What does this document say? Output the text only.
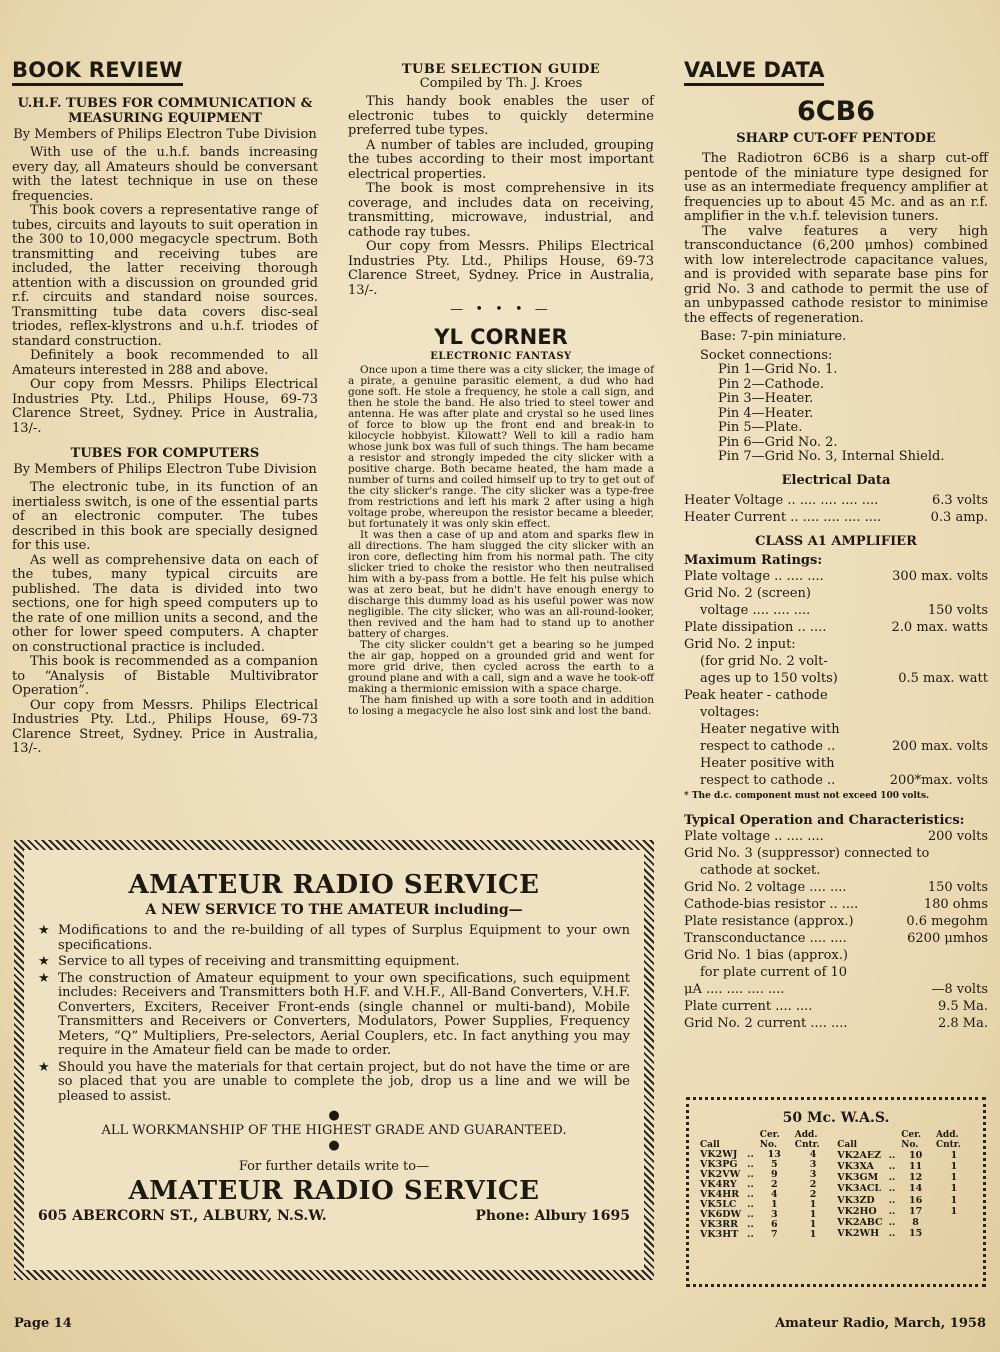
BOOK REVIEW
U.H.F. TUBES FOR COMMUNICATION & MEASURING EQUIPMENT
By Members of Philips Electron Tube Division

With use of the u.h.f. bands increasing every day, all Amateurs should be conversant with the latest technique in use on these frequencies.

This book covers a representative range of tubes, circuits and layouts to suit operation in the 300 to 10,000 megacycle spectrum. Both transmitting and receiving tubes are included, the latter receiving thorough attention with a discussion on grounded grid r.f. circuits and standard noise sources. Transmitting tube data covers disc-seal triodes, reflex-klystrons and u.h.f. triodes of standard construction.

Definitely a book recommended to all Amateurs interested in 288 and above.

Our copy from Messrs. Philips Electrical Industries Pty. Ltd., Philips House, 69-73 Clarence Street, Sydney. Price in Australia, 13/-.

TUBES FOR COMPUTERS
By Members of Philips Electron Tube Division

The electronic tube, in its function of an inertialess switch, is one of the essential parts of an electronic computer. The tubes described in this book are specially designed for this use.

As well as comprehensive data on each of the tubes, many typical circuits are published. The data is divided into two sections, one for high speed computers up to the rate of one million units a second, and the other for lower speed computers. A chapter on constructional practice is included.

This book is recommended as a companion to “Analysis of Bistable Multivibrator Operation”.

Our copy from Messrs. Philips Electrical Industries Pty. Ltd., Philips House, 69-73 Clarence Street, Sydney. Price in Australia, 13/-.

TUBE SELECTION GUIDE
Compiled by Th. J. Kroes

This handy book enables the user of electronic tubes to quickly determine preferred tube types.

A number of tables are included, grouping the tubes according to their most important electrical properties.

The book is most comprehensive in its coverage, and includes data on receiving, transmitting, microwave, industrial, and cathode ray tubes.

Our copy from Messrs. Philips Electrical Industries Pty. Ltd., Philips House, 69-73 Clarence Street, Sydney. Price in Australia, 13/-.

— • • • —
YL CORNER
ELECTRONIC FANTASY

Once upon a time there was a city slicker, the image of a pirate, a genuine parasitic element, a dud who had gone soft. He stole a frequency, he stole a call sign, and then he stole the band. He also tried to steel tower and antenna. He was after plate and crystal so he used lines of force to blow up the front end and break-in to kilocycle hobbyist. Kilowatt? Well to kill a radio ham whose junk box was full of such things. The ham became a resistor and strongly impeded the city slicker with a positive charge. Both became heated, the ham made a number of turns and coiled himself up to try to get out of the city slicker's range. The city slicker was a type-free from restrictions and left his mark 2 after using a high voltage probe, whereupon the resistor became a bleeder, but fortunately it was only skin effect.

It was then a case of up and atom and sparks flew in all directions. The ham slugged the city slicker with an iron core, deflecting him from his normal path. The city slicker tried to choke the resistor who then neutralised him with a by-pass from a bottle. He felt his pulse which was at zero beat, but he didn't have enough energy to discharge this dummy load as his useful power was now negligible. The city slicker, who was an all-round-looker, then revived and the ham had to stand up to another battery of charges.

The city slicker couldn't get a bearing so he jumped the air gap, hopped on a grounded grid and went for more grid drive, then cycled across the earth to a ground plane and with a call, sign and a wave he took-off making a thermionic emission with a space charge.

The ham finished up with a sore tooth and in addition to losing a megacycle he also lost sink and lost the band.

VALVE DATA
6CB6
SHARP CUT-OFF PENTODE

The Radiotron 6CB6 is a sharp cut-off pentode of the miniature type designed for use as an intermediate frequency amplifier at frequencies up to about 45 Mc. and as an r.f. amplifier in the v.h.f. television tuners.

The valve features a very high transconductance (6,200 μmhos) combined with low interelectrode capacitance values, and is provided with separate base pins for grid No. 3 and cathode to permit the use of an unbypassed cathode resistor to minimise the effects of regeneration.

Base: 7-pin miniature.
Socket connections:
Pin 1—Grid No. 1.
Pin 2—Cathode.
Pin 3—Heater.
Pin 4—Heater.
Pin 5—Plate.
Pin 6—Grid No. 2.
Pin 7—Grid No. 3, Internal Shield.
Electrical Data
Heater Voltage .. .... .... .... ....	6.3 volts
Heater Current .. .... .... .... ....	0.3 amp.
CLASS A1 AMPLIFIER
Maximum Ratings:
Plate voltage .. .... ....	300 max. volts
Grid No. 2 (screen)
voltage .... .... ....	150 volts
Plate dissipation .. ....	2.0 max. watts
Grid No. 2 input:
(for grid No. 2 volt-
ages up to 150 volts)	0.5 max. watt
Peak heater - cathode
voltages:
Heater negative with
respect to cathode ..	200 max. volts
Heater positive with
respect to cathode ..	200*max. volts
* The d.c. component must not exceed 100 volts.
Typical Operation and Characteristics:
Plate voltage .. .... ....	200 volts
Grid No. 3 (suppressor) connected to
cathode at socket.
Grid No. 2 voltage .... ....	150 volts
Cathode-bias resistor .. ....	180 ohms
Plate resistance (approx.)	0.6 megohm
Transconductance .... ....	6200 μmhos
Grid No. 1 bias (approx.)
for plate current of 10
μA .... .... .... ....	—8 volts
Plate current .... ....	9.5 Ma.
Grid No. 2 current .... ....	2.8 Ma.
AMATEUR RADIO SERVICE
A NEW SERVICE TO THE AMATEUR including—
★ Modifications to and the re-building of all types of Surplus Equipment to your own specifications.
★ Service to all types of receiving and transmitting equipment.
★ The construction of Amateur equipment to your own specifications, such equipment includes: Receivers and Transmitters both H.F. and V.H.F., All-Band Converters, V.H.F. Converters, Exciters, Receiver Front-ends (single channel or multi-band), Mobile Transmitters and Receivers or Converters, Modulators, Power Supplies, Frequency Meters, “Q” Multipliers, Pre-selectors, Aerial Couplers, etc. In fact anything you may require in the Amateur field can be made to order.
★ Should you have the materials for that certain project, but do not have the time or are so placed that you are unable to complete the job, drop us a line and we will be pleased to assist.
●
ALL WORKMANSHIP OF THE HIGHEST GRADE AND GUARANTEED.
●
For further details write to—
AMATEUR RADIO SERVICE
605 ABERCORN ST., ALBURY, N.S.W.	Phone: Albury 1695
50 Mc. W.A.S.
Call		Cer. No.	Add. Cntr.
VK2WJ	..	13	4
VK3PG	..	5	3
VK2VW	..	9	3
VK4RY	..	2	2
VK4HR	..	4	2
VK5LC	..	1	1
VK6DW	..	3	1
VK3RR	..	6	1
VK3HT	..	7	1
Call		Cer. No.	Add. Cntr.
VK2AEZ	..	10	1
VK3XA	..	11	1
VK3GM	..	12	1
VK3ACL	..	14	1
VK3ZD	..	16	1
VK2HO	..	17	1
VK2ABC	..	8	
VK2WH	..	15	
Page 14	Amateur Radio, March, 1958
